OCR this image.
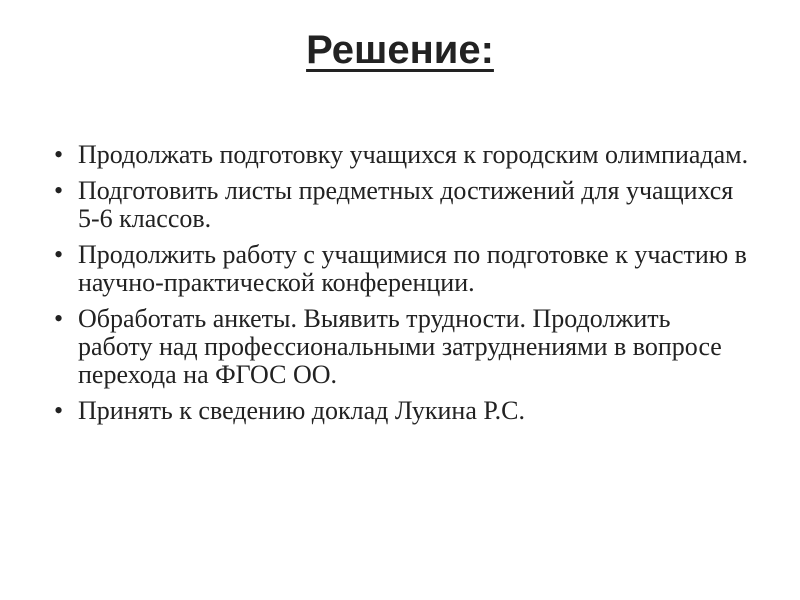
Решение:
• Продолжать подготовку учащихся к городским олимпиадам.
• Подготовить листы предметных достижений для учащихся 5-6 классов.
• Продолжить работу с учащимися по подготовке к участию в научно-практической конференции.
• Обработать анкеты. Выявить трудности. Продолжить работу над профессиональными затруднениями в вопросе перехода на ФГОС ОО.
• Принять к сведению доклад Лукина Р.С.
